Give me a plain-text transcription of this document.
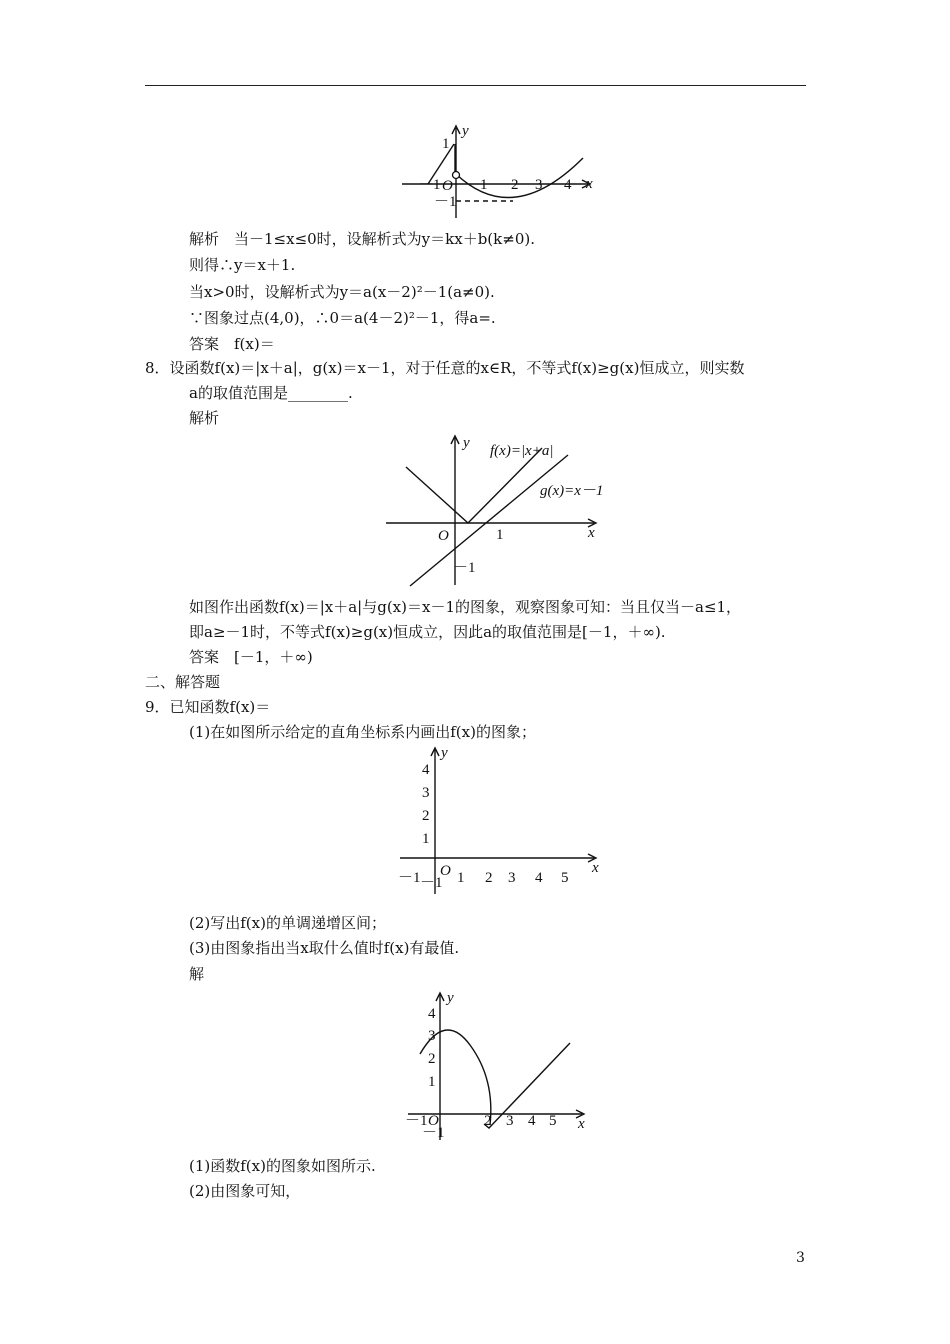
y
x
1
－1 O 1 2 3 4
－1
y
x
f(x)=|x+a|
g(x)=x－1
O	1
－1
y
x
4
3
2
1
O
－1 －1 1 2 3 4 5
y
x
4
3
2
1
O
－1
－1
2 3 4 5
解析　当－1≤x≤0时，设解析式为y＝kx＋b(k≠0).
则得∴y＝x＋1.
当x>0时，设解析式为y＝a(x－2)²－1(a≠0).
∵图象过点(4,0)，∴0＝a(4－2)²－1，得a=.
答案　f(x)＝
8．设函数f(x)＝|x＋a|，g(x)＝x－1，对于任意的x∈R，不等式f(x)≥g(x)恒成立，则实数
a的取值范围是________.
解析
如图作出函数f(x)＝|x＋a|与g(x)＝x－1的图象，观察图象可知：当且仅当－a≤1，
即a≥－1时，不等式f(x)≥g(x)恒成立，因此a的取值范围是[－1，＋∞).
答案　[－1，＋∞)
二、解答题
9．已知函数f(x)＝
(1)在如图所示给定的直角坐标系内画出f(x)的图象；
(2)写出f(x)的单调递增区间；
(3)由图象指出当x取什么值时f(x)有最值.
解
(1)函数f(x)的图象如图所示.
(2)由图象可知，
3
